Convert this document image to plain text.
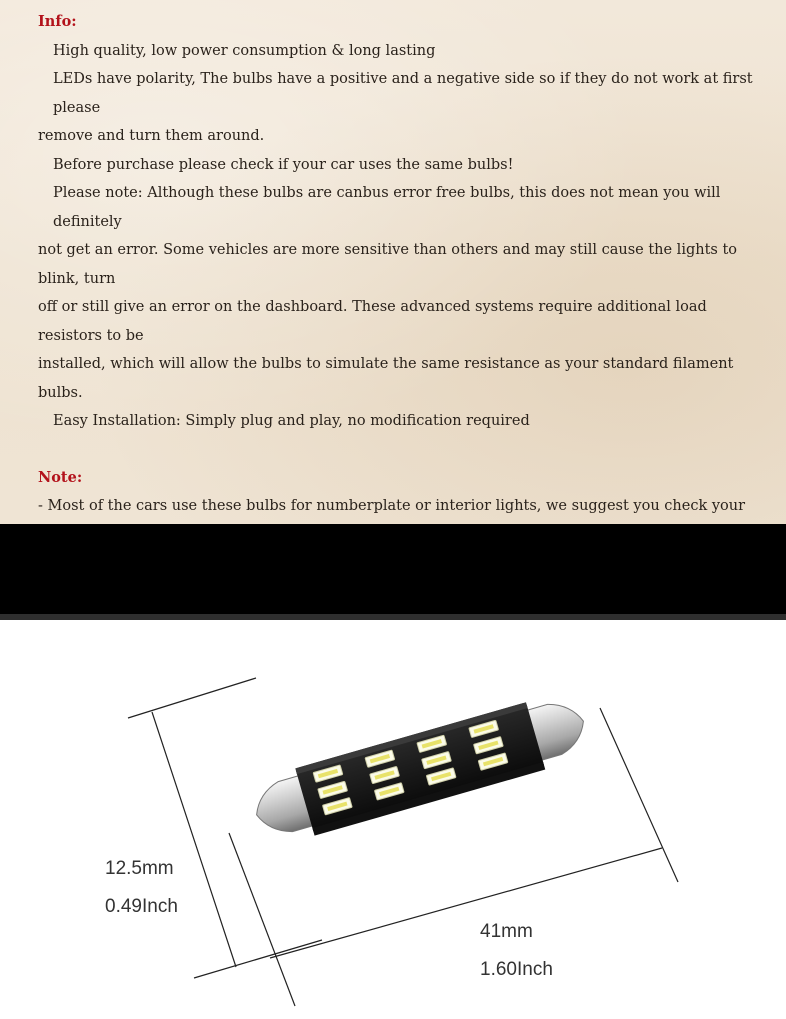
Info:
High quality, low power consumption & long lasting
LEDs have polarity, The bulbs have a positive and a negative side so if they do not work at first please
remove and turn them around.
Before purchase please check if your car uses the same bulbs!
Please note: Although these bulbs are canbus error free bulbs, this does not mean you will definitely
not get an error. Some vehicles are more sensitive than others and may still cause the lights to blink, turn
off or still give an error on the dashboard. These advanced systems require additional load resistors to be
installed, which will allow the bulbs to simulate the same resistance as your standard filament bulbs.
Easy Installation: Simply plug and play, no modification required
Note:
- Most of the cars use these bulbs for numberplate or interior lights, we suggest you check your
12.5mm
0.49Inch
41mm
1.60Inch
